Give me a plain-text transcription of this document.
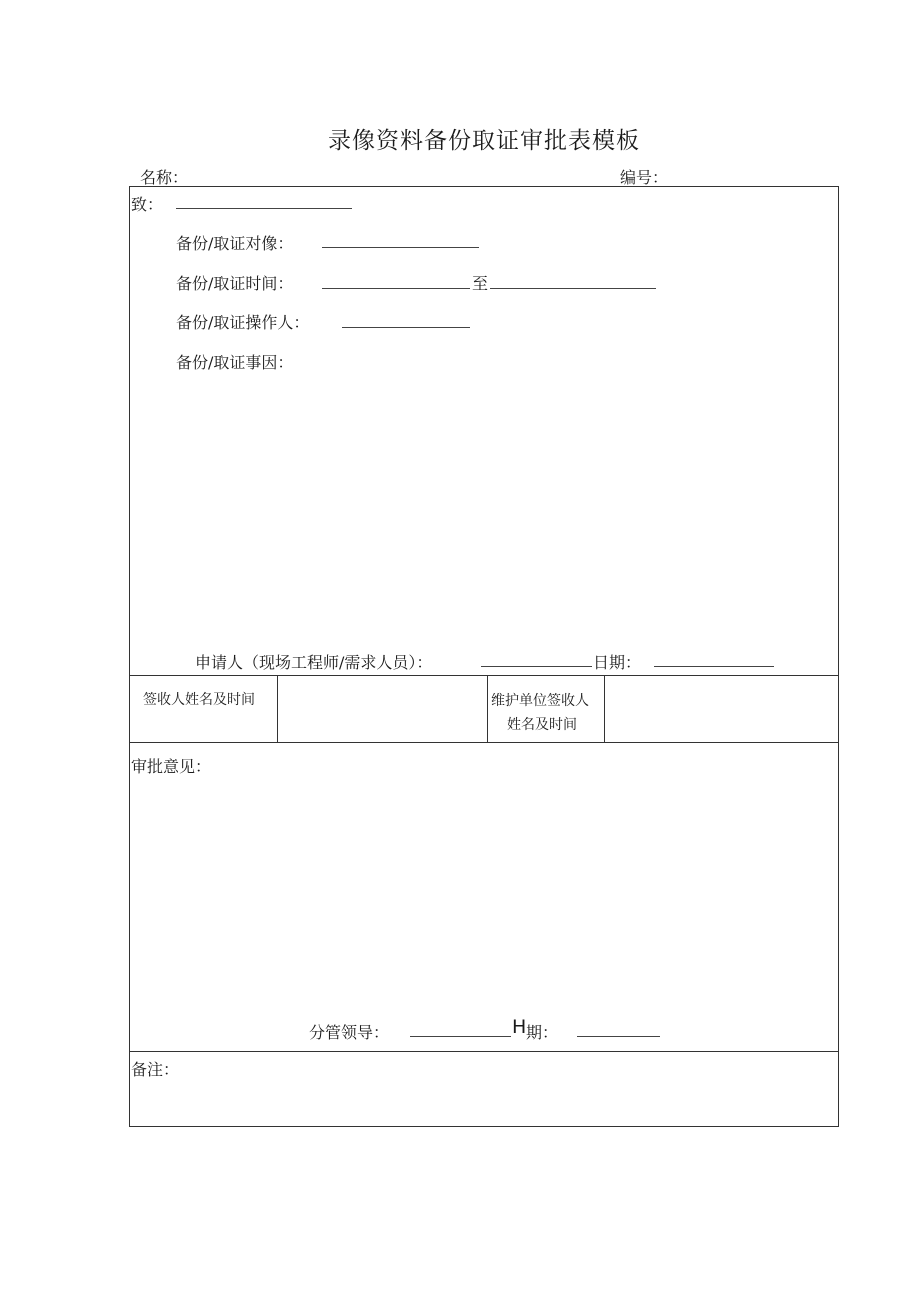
录像资料备份取证审批表模板
名称：	编号：
致：
备份/取证对像：
备份/取证时间：	至
备份/取证操作人：
备份/取证事因：
申请人（现场工程师/需求人员）：	日期：
签收人姓名及时间	维护单位签收人
姓名及时间
审批意见：
分管领导：	H 期：
备注：
